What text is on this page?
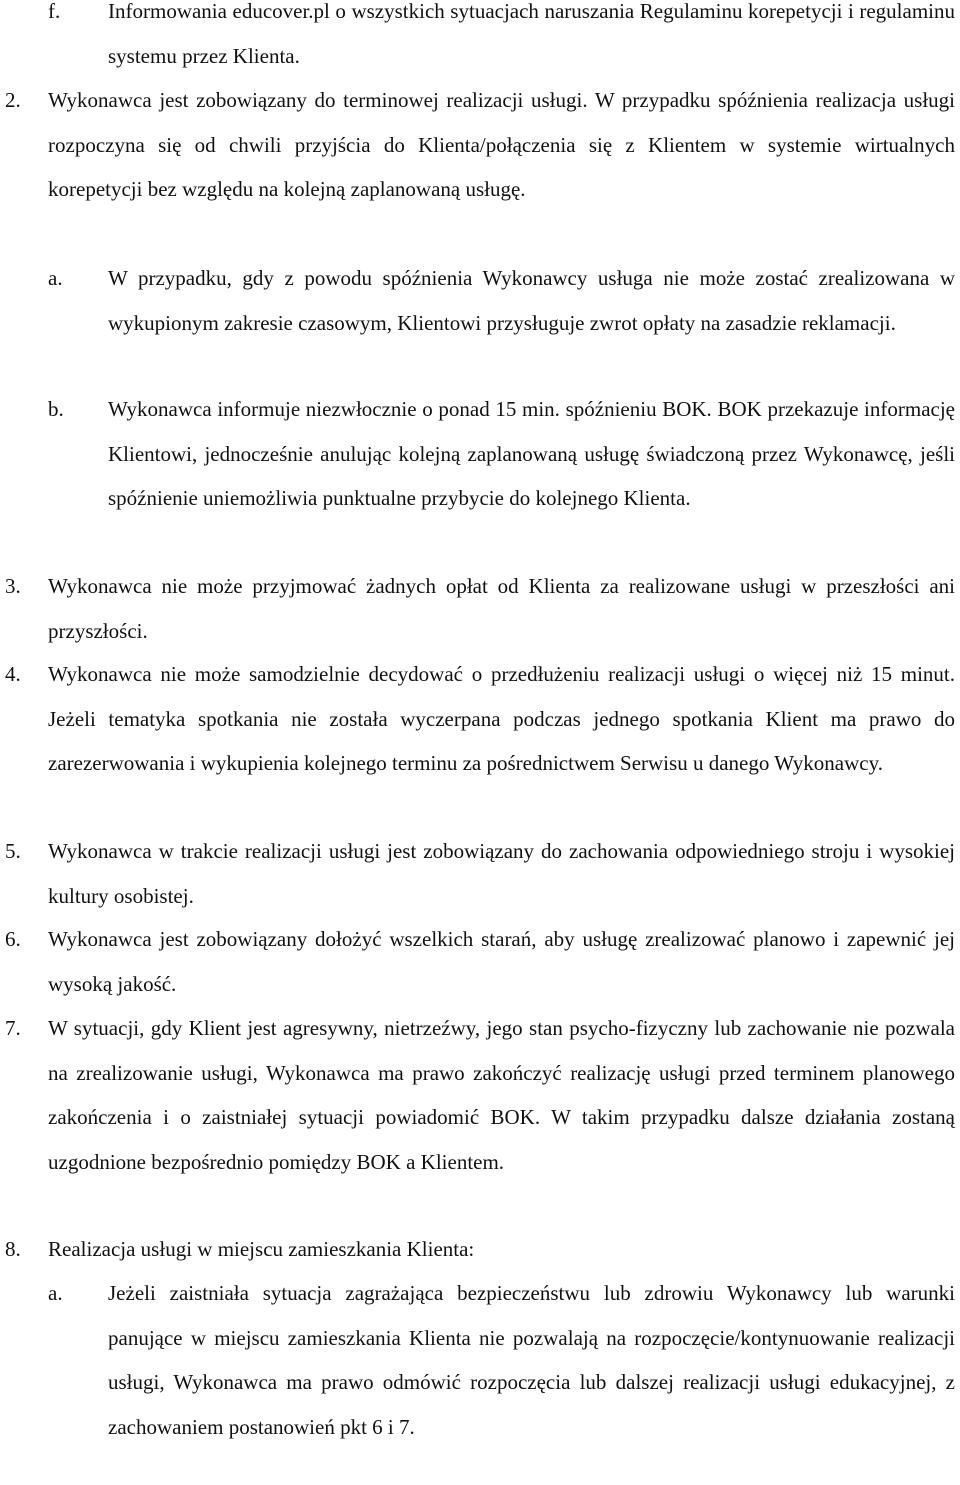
f. Informowania educover.pl o wszystkich sytuacjach naruszania Regulaminu korepetycji i regulaminu systemu przez Klienta.
2. Wykonawca jest zobowiązany do terminowej realizacji usługi. W przypadku spóźnienia realizacja usługi rozpoczyna się od chwili przyjścia do Klienta/połączenia się z Klientem w systemie wirtualnych korepetycji bez względu na kolejną zaplanowaną usługę.
a. W przypadku, gdy z powodu spóźnienia Wykonawcy usługa nie może zostać zrealizowana w wykupionym zakresie czasowym, Klientowi przysługuje zwrot opłaty na zasadzie reklamacji.
b. Wykonawca informuje niezwłocznie o ponad 15 min. spóźnieniu BOK. BOK przekazuje informację Klientowi, jednocześnie anulując kolejną zaplanowaną usługę świadczoną przez Wykonawcę, jeśli spóźnienie uniemożliwia punktualne przybycie do kolejnego Klienta.
3. Wykonawca nie może przyjmować żadnych opłat od Klienta za realizowane usługi w przeszłości ani przyszłości.
4. Wykonawca nie może samodzielnie decydować o przedłużeniu realizacji usługi o więcej niż 15 minut. Jeżeli tematyka spotkania nie została wyczerpana podczas jednego spotkania Klient ma prawo do zarezerwowania i wykupienia kolejnego terminu za pośrednictwem Serwisu u danego Wykonawcy.
5. Wykonawca w trakcie realizacji usługi jest zobowiązany do zachowania odpowiedniego stroju i wysokiej kultury osobistej.
6. Wykonawca jest zobowiązany dołożyć wszelkich starań, aby usługę zrealizować planowo i zapewnić jej wysoką jakość.
7. W sytuacji, gdy Klient jest agresywny, nietrzeźwy, jego stan psycho-fizyczny lub zachowanie nie pozwala na zrealizowanie usługi, Wykonawca ma prawo zakończyć realizację usługi przed terminem planowego zakończenia i o zaistniałej sytuacji powiadomić BOK. W takim przypadku dalsze działania zostaną uzgodnione bezpośrednio pomiędzy BOK a Klientem.
8. Realizacja usługi w miejscu zamieszkania Klienta:
a. Jeżeli zaistniała sytuacja zagrażająca bezpieczeństwu lub zdrowiu Wykonawcy lub warunki panujące w miejscu zamieszkania Klienta nie pozwalają na rozpoczęcie/kontynuowanie realizacji usługi, Wykonawca ma prawo odmówić rozpoczęcia lub dalszej realizacji usługi edukacyjnej, z zachowaniem postanowień pkt 6 i 7.
